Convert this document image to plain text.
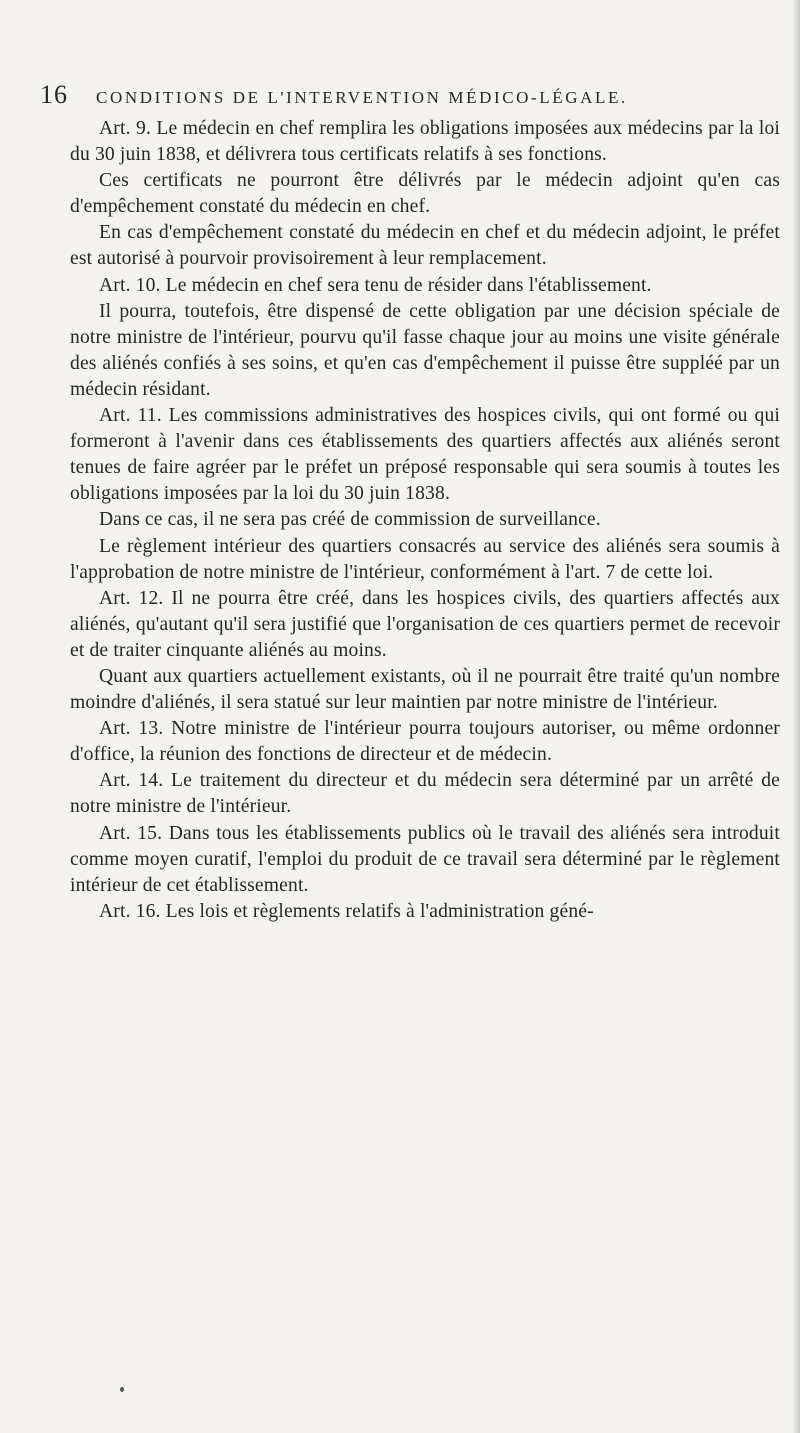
16	CONDITIONS DE L'INTERVENTION MÉDICO-LÉGALE.

Art. 9. Le médecin en chef remplira les obligations imposées aux médecins par la loi du 30 juin 1838, et délivrera tous certificats relatifs à ses fonctions.

Ces certificats ne pourront être délivrés par le médecin adjoint qu'en cas d'empêchement constaté du médecin en chef.

En cas d'empêchement constaté du médecin en chef et du médecin adjoint, le préfet est autorisé à pourvoir provisoirement à leur remplacement.

Art. 10. Le médecin en chef sera tenu de résider dans l'établissement.

Il pourra, toutefois, être dispensé de cette obligation par une décision spéciale de notre ministre de l'intérieur, pourvu qu'il fasse chaque jour au moins une visite générale des aliénés confiés à ses soins, et qu'en cas d'empêchement il puisse être suppléé par un médecin résidant.

Art. 11. Les commissions administratives des hospices civils, qui ont formé ou qui formeront à l'avenir dans ces établissements des quartiers affectés aux aliénés seront tenues de faire agréer par le préfet un préposé responsable qui sera soumis à toutes les obligations imposées par la loi du 30 juin 1838.

Dans ce cas, il ne sera pas créé de commission de surveillance.

Le règlement intérieur des quartiers consacrés au service des aliénés sera soumis à l'approbation de notre ministre de l'intérieur, conformément à l'art. 7 de cette loi.

Art. 12. Il ne pourra être créé, dans les hospices civils, des quartiers affectés aux aliénés, qu'autant qu'il sera justifié que l'organisation de ces quartiers permet de recevoir et de traiter cinquante aliénés au moins.

Quant aux quartiers actuellement existants, où il ne pourrait être traité qu'un nombre moindre d'aliénés, il sera statué sur leur maintien par notre ministre de l'intérieur.

Art. 13. Notre ministre de l'intérieur pourra toujours autoriser, ou même ordonner d'office, la réunion des fonctions de directeur et de médecin.

Art. 14. Le traitement du directeur et du médecin sera déterminé par un arrêté de notre ministre de l'intérieur.

Art. 15. Dans tous les établissements publics où le travail des aliénés sera introduit comme moyen curatif, l'emploi du produit de ce travail sera déterminé par le règlement intérieur de cet établissement.

Art. 16. Les lois et règlements relatifs à l'administration géné-
